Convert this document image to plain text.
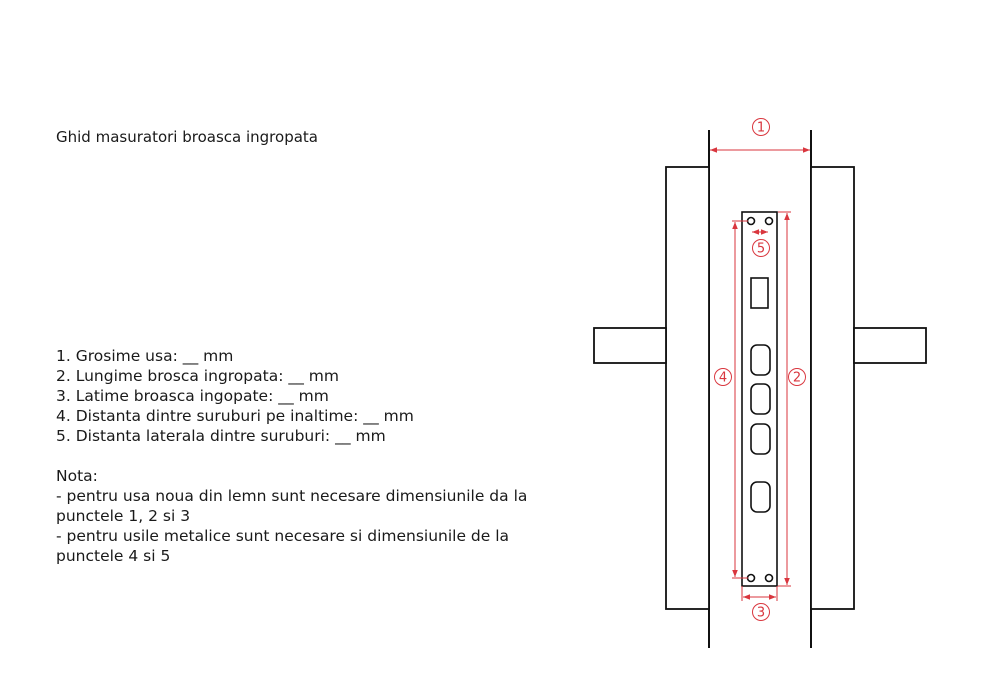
Ghid masuratori broasca ingropata
1. Grosime usa: __ mm
2. Lungime brosca ingropata: __ mm
3. Latime broasca ingopate: __ mm
4. Distanta dintre suruburi pe inaltime: __ mm
5. Distanta laterala dintre suruburi: __ mm
Nota:
- pentru usa noua din lemn sunt necesare dimensiunile da la punctele 1, 2 si 3
- pentru usile metalice sunt necesare si dimensiunile de la punctele 4 si 5
1
2
3
4
5
